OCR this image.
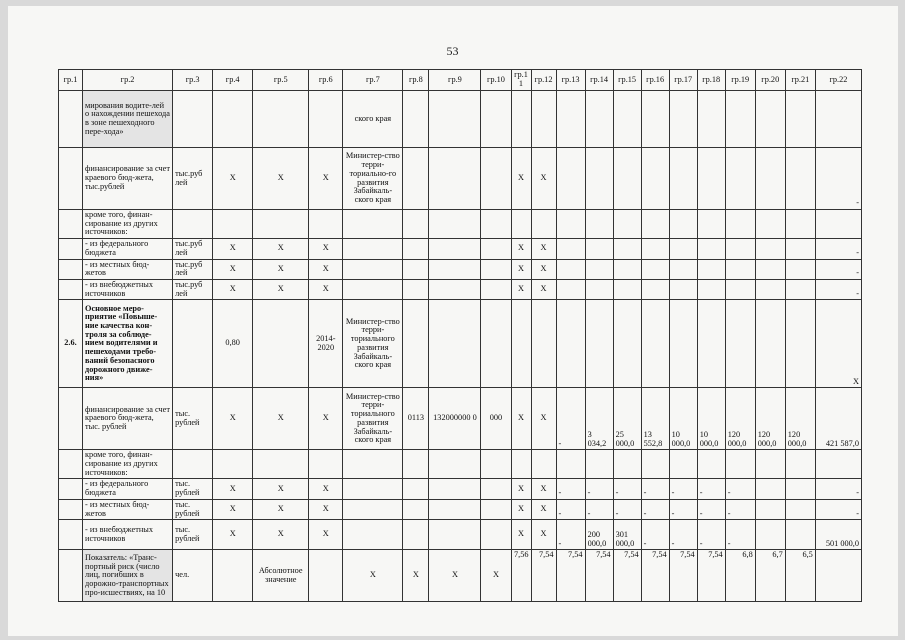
53
гр.1	гр.2	гр.3	гр.4	гр.5	гр.6	гр.7	гр.8	гр.9	гр.10	гр.1 1	гр.12	гр.13	гр.14	гр.15	гр.16	гр.17	гр.18	гр.19	гр.20	гр.21	гр.22
	мирования водите-лей о нахождении пешехода в зоне пешеходного пере-хода»					ского края															
	финансирование за счет краевого бюд-жета, тыс.рублей	тыс.руб лей	Х	Х	Х	Министер-ство терри-ториально-го развития Забайкаль-ского края				Х	Х										-
	кроме того, финан-сирование из других источников:																				
	- из федерального бюджета	тыс.руб лей	Х	Х	Х					Х	Х										-
	- из местных бюд-жетов	тыс.руб лей	Х	Х	Х					Х	Х										-
	- из внебюджетных источников	тыс.руб лей	Х	Х	Х					Х	Х										-
2.6.	Основное меро-приятие «Повыше-ние качества кон-троля за соблюде-нием водителями и пешеходами требо-ваний безопасного дорожного движе-ния»		0,80		2014-2020	Министер-ство терри-ториального развития Забайкаль-ского края															Х
	финансирование за счет краевого бюд-жета, тыс. рублей	тыс. рублей	Х	Х	Х	Министер-ство терри-ториального развития Забайкаль-ского края	0113	132000000 0	000	Х	Х	-	3 034,2	25 000,0	13 552,8	10 000,0	10 000,0	120 000,0	120 000,0	120 000,0	421 587,0
	кроме того, финан-сирование из других источников:																				
	- из федерального бюджета	тыс. рублей	Х	Х	Х					Х	Х	-	-	-	-	-	-	-			-
	- из местных бюд-жетов	тыс. рублей	Х	Х	Х					Х	Х	-	-	-	-	-	-	-			-
	- из внебюджетных источников	тыс. рублей	Х	Х	Х					Х	Х	-	200 000,0	301 000,0	-	-	-	-			501 000,0
	Показатель: «Транс-портный риск (число лиц, погибших в дорожно-транспортных про-исшествиях, на 10	чел.		Абсолютное значение		Х	Х	Х	Х	7,56	7,54	7,54	7,54	7,54	7,54	7,54	7,54	6,8	6,7	6,5	
